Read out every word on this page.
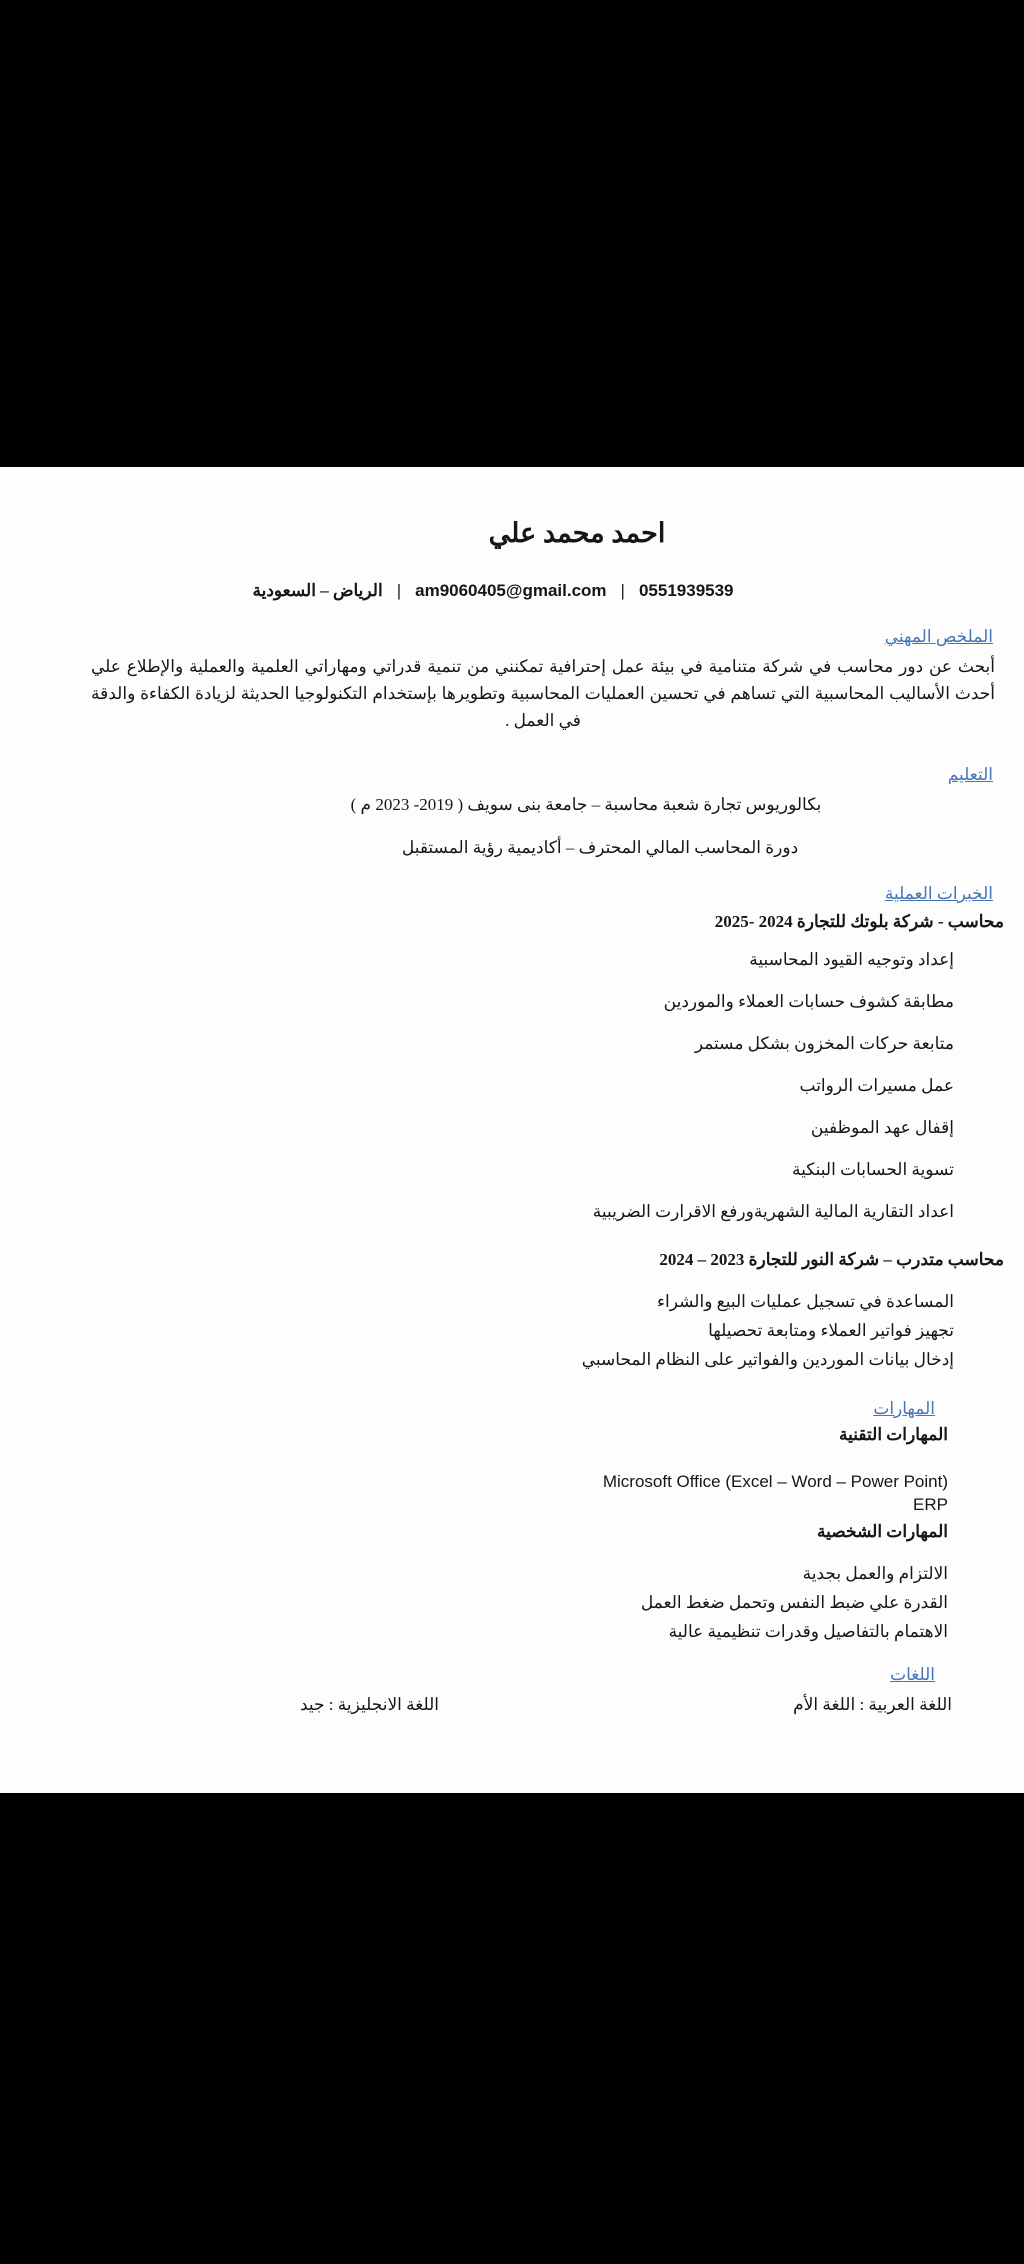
احمد محمد علي
الرياض – السعودية | am9060405@gmail.com | 0551939539
الملخص المهني
أبحث عن دور محاسب في شركة متنامية في بيئة عمل إحترافية تمكنني من تنمية قدراتي ومهاراتي العلمية والعملية والإطلاع علي أحدث الأساليب المحاسبية التي تساهم في تحسين العمليات المحاسبية وتطويرها بإستخدام التكنولوجيا الحديثة لزيادة الكفاءة والدقة في العمل .
التعليم
بكالوريوس تجارة شعبة محاسبة – جامعة بنى سويف ( 2019- 2023 م )
دورة المحاسب المالي المحترف – أكاديمية رؤية المستقبل
الخبرات العملية
محاسب - شركة بلوتك للتجارة 2024 -2025
إعداد وتوجيه القيود المحاسبية
مطابقة كشوف حسابات العملاء والموردين
متابعة حركات المخزون بشكل مستمر
عمل مسيرات الرواتب
إقفال عهد الموظفين
تسوية الحسابات البنكية
اعداد التقارية المالية الشهريةورفع الاقرارت الضريبية
محاسب متدرب – شركة النور للتجارة 2023 – 2024
المساعدة في تسجيل عمليات البيع والشراء
تجهيز فواتير العملاء ومتابعة تحصيلها
إدخال بيانات الموردين والفواتير على النظام المحاسبي
المهارات
المهارات التقنية
Microsoft Office (Excel – Word – Power Point)
ERP
المهارات الشخصية
الالتزام والعمل بجدية
القدرة علي ضبط النفس وتحمل ضغط العمل
الاهتمام بالتفاصيل وقدرات تنظيمية عالية
اللغات
اللغة العربية : اللغة الأم
اللغة الانجليزية : جيد
